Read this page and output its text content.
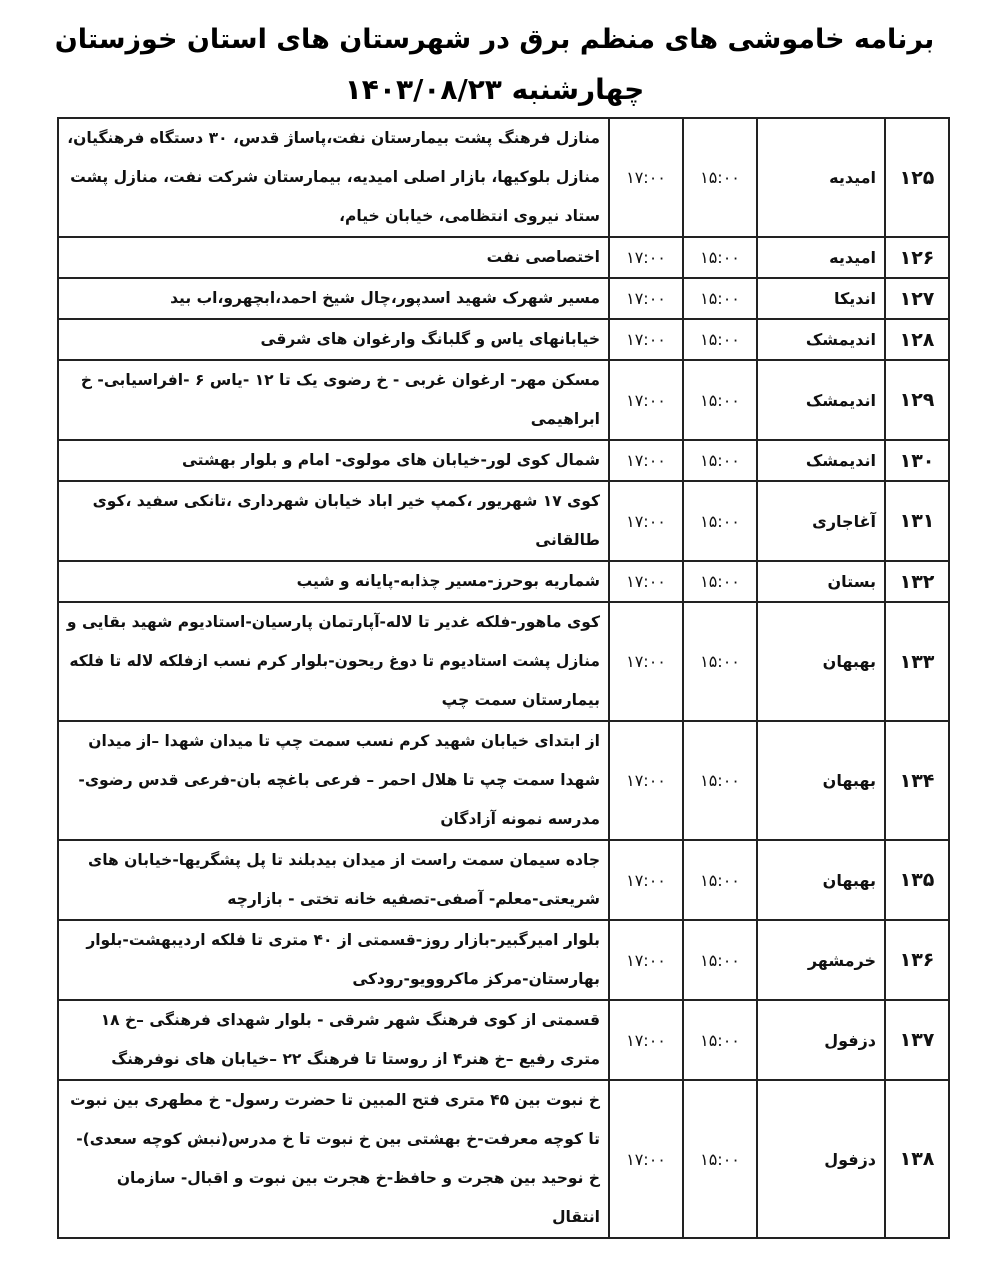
برنامه خاموشی های منظم برق در شهرستان های استان خوزستان
چهارشنبه ۱۴۰۳/۰۸/۲۳
۱۲۵	امیدیه	۱۵:۰۰	۱۷:۰۰	منازل فرهنگ پشت بیمارستان نفت،پاساژ قدس، ۳۰ دستگاه فرهنگیان، منازل بلوکیها، بازار اصلی امیدیه، بیمارستان شرکت نفت، منازل پشت ستاد نیروی انتظامی، خیابان خیام،
۱۲۶	امیدیه	۱۵:۰۰	۱۷:۰۰	اختصاصی نفت
۱۲۷	اندیکا	۱۵:۰۰	۱۷:۰۰	مسیر شهرک شهید اسدپور،چال شیخ احمد،ابچهرو،اب بید
۱۲۸	اندیمشک	۱۵:۰۰	۱۷:۰۰	خیابانهای یاس و گلبانگ وارغوان های شرقی
۱۲۹	اندیمشک	۱۵:۰۰	۱۷:۰۰	مسکن مهر- ارغوان غربی - خ رضوی یک تا ۱۲ -یاس ۶ -افراسیابی- خ ابراهیمی
۱۳۰	اندیمشک	۱۵:۰۰	۱۷:۰۰	شمال کوی لور-خیابان های مولوی- امام و بلوار بهشتی
۱۳۱	آغاجاری	۱۵:۰۰	۱۷:۰۰	کوی ۱۷ شهریور ،کمپ خیر اباد خیابان شهرداری ،تانکی سفید ،کوی طالقانی
۱۳۲	بستان	۱۵:۰۰	۱۷:۰۰	شماریه بوحرز-مسیر چذابه-پایانه و شیب
۱۳۳	بهبهان	۱۵:۰۰	۱۷:۰۰	کوی ماهور-فلکه غدیر تا لاله-آپارتمان پارسیان-استادیوم شهید بقایی و منازل پشت استادیوم تا دوغ ریحون-بلوار کرم نسب ازفلکه لاله تا فلکه بیمارستان سمت چپ
۱۳۴	بهبهان	۱۵:۰۰	۱۷:۰۰	از ابتدای خیابان شهید کرم نسب سمت چپ تا میدان شهدا –از میدان شهدا سمت چپ تا هلال احمر – فرعی باغچه بان-فرعی قدس رضوی- مدرسه نمونه آزادگان
۱۳۵	بهبهان	۱۵:۰۰	۱۷:۰۰	جاده سیمان سمت راست از میدان بیدبلند تا پل پشگریها-خیابان های شریعتی-معلم- آصفی-تصفیه خانه تختی - بازارچه
۱۳۶	خرمشهر	۱۵:۰۰	۱۷:۰۰	بلوار امیرگبیر-بازار روز-قسمتی از ۴۰ متری تا فلکه اردیبهشت-بلوار بهارستان-مرکز ماکروویو-رودکی
۱۳۷	دزفول	۱۵:۰۰	۱۷:۰۰	قسمتی از کوی فرهنگ شهر شرقی - بلوار شهدای فرهنگی –خ ۱۸ متری رفیع –خ هنر۴ از روستا تا فرهنگ ۲۲ –خیابان های نوفرهنگ
۱۳۸	دزفول	۱۵:۰۰	۱۷:۰۰	خ نبوت بین ۴۵ متری فتح المبین تا حضرت رسول- خ مطهری بین نبوت تا کوچه معرفت-خ بهشتی بین خ نبوت تا خ مدرس(نبش کوچه سعدی)- خ نوحید بین هجرت و حافظ-خ هجرت بین نبوت و اقبال- سازمان انتقال
